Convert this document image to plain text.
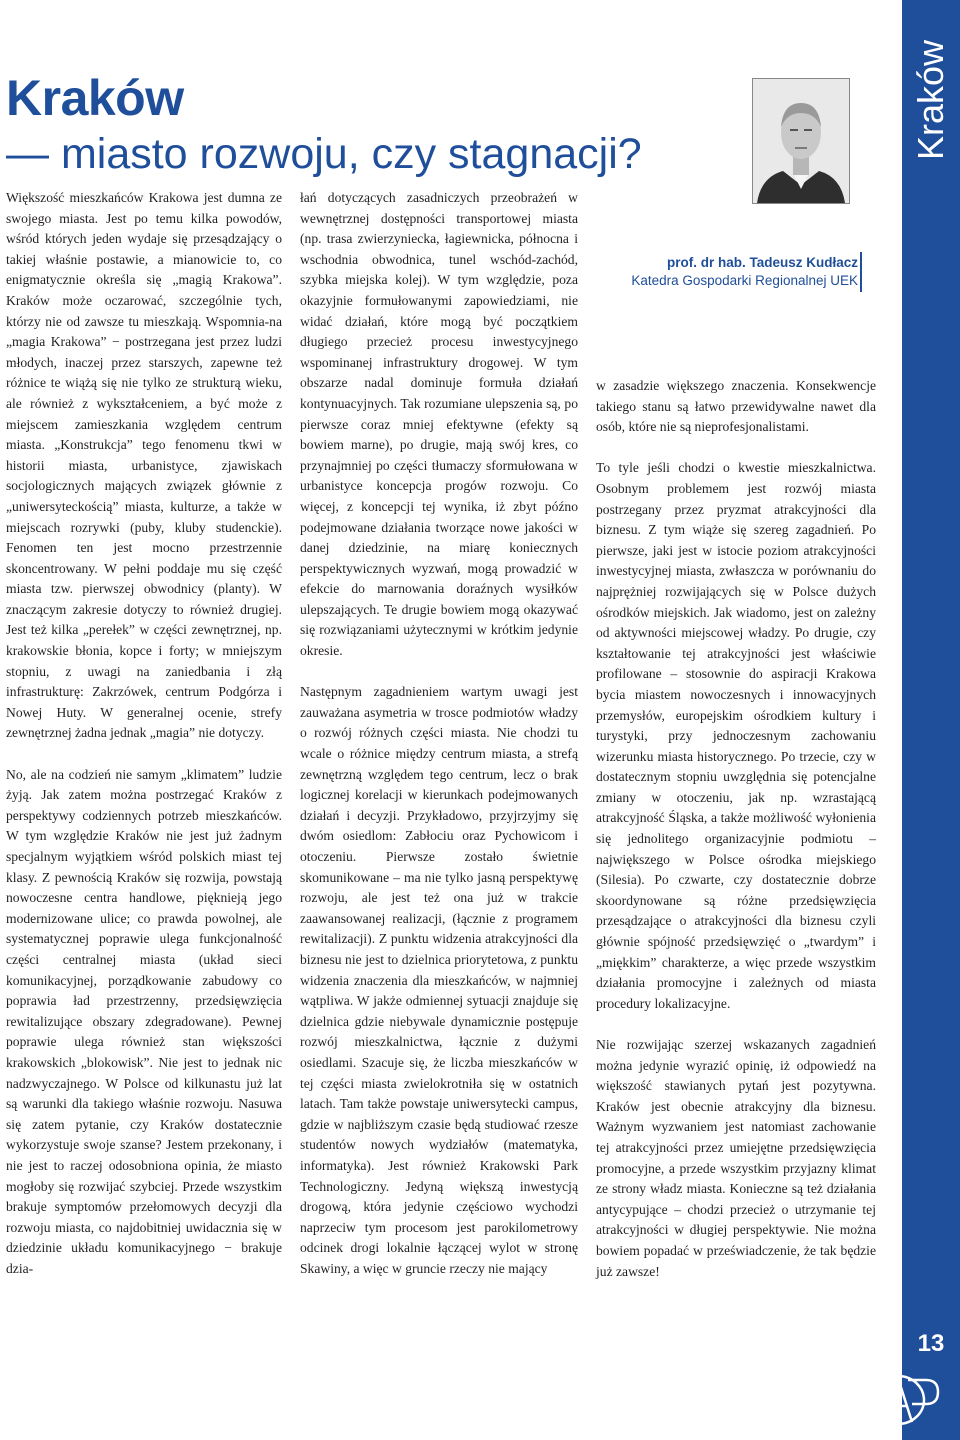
Kraków
13
Kraków
— miasto rozwoju, czy stagnacji?
prof. dr hab. Tadeusz Kudłacz
Katedra Gospodarki Regionalnej UEK

Większość mieszkańców Krakowa jest dumna ze swojego miasta. Jest po temu kilka powodów, wśród których jeden wydaje się przesądzający o takiej właśnie postawie, a mianowicie to, co enigmatycznie określa się „magią Krakowa”. Kraków może oczarować, szczególnie tych, którzy nie od zawsze tu mieszkają. Wspomnia-na „magia Krakowa” − postrzegana jest przez ludzi młodych, inaczej przez starszych, zapewne też różnice te wiążą się nie tylko ze strukturą wieku, ale również z wykształceniem, a być może z miejscem zamieszkania względem centrum miasta. „Konstrukcja” tego fenomenu tkwi w historii miasta, urbanistyce, zjawiskach socjologicznych mających związek głównie z „uniwersyteckością” miasta, kulturze, a także w miejscach rozrywki (puby, kluby studenckie). Fenomen ten jest mocno przestrzennie skoncentrowany. W pełni poddaje mu się część miasta tzw. pierwszej obwodnicy (planty). W znaczącym zakresie dotyczy to również drugiej. Jest też kilka „perełek” w części zewnętrznej, np. krakowskie błonia, kopce i forty; w mniejszym stopniu, z uwagi na zaniedbania i złą infrastrukturę: Zakrzówek, centrum Podgórza i Nowej Huty. W generalnej ocenie, strefy zewnętrznej żadna jednak „magia” nie dotyczy.

No, ale na codzień nie samym „klimatem” ludzie żyją. Jak zatem można postrzegać Kraków z perspektywy codziennych potrzeb mieszkańców. W tym względzie Kraków nie jest już żadnym specjalnym wyjątkiem wśród polskich miast tej klasy. Z pewnością Kraków się rozwija, powstają nowoczesne centra handlowe, pięknieją jego modernizowane ulice; co prawda powolnej, ale systematycznej poprawie ulega funkcjonalność części centralnej miasta (układ sieci komunikacyjnej, porządkowanie zabudowy co poprawia ład przestrzenny, przedsięwzięcia rewitalizujące obszary zdegradowane). Pewnej poprawie ulega również stan większości krakowskich „blokowisk”. Nie jest to jednak nic nadzwyczajnego. W Polsce od kilkunastu już lat są warunki dla takiego właśnie rozwoju. Nasuwa się zatem pytanie, czy Kraków dostatecznie wykorzystuje swoje szanse? Jestem przekonany, i nie jest to raczej odosobniona opinia, że miasto mogłoby się rozwijać szybciej. Przede wszystkim brakuje symptomów przełomowych decyzji dla rozwoju miasta, co najdobitniej uwidacznia się w dziedzinie układu komunikacyjnego − brakuje dzia-

łań dotyczących zasadniczych przeobrażeń w wewnętrznej dostępności transportowej miasta (np. trasa zwierzyniecka, łagiewnicka, północna i wschodnia obwodnica, tunel wschód-zachód, szybka miejska kolej). W tym względzie, poza okazyjnie formułowanymi zapowiedziami, nie widać działań, które mogą być początkiem długiego przecież procesu inwestycyjnego wspominanej infrastruktury drogowej. W tym obszarze nadal dominuje formuła działań kontynuacyjnych. Tak rozumiane ulepszenia są, po pierwsze coraz mniej efektywne (efekty są bowiem marne), po drugie, mają swój kres, co przynajmniej po części tłumaczy sformułowana w urbanistyce koncepcja progów rozwoju. Co więcej, z koncepcji tej wynika, iż zbyt późno podejmowane działania tworzące nowe jakości w danej dziedzinie, na miarę koniecznych perspektywicznych wyzwań, mogą prowadzić w efekcie do marnowania doraźnych wysiłków ulepszających. Te drugie bowiem mogą okazywać się rozwiązaniami użytecznymi w krótkim jedynie okresie.

Następnym zagadnieniem wartym uwagi jest zauważana asymetria w trosce podmiotów władzy o rozwój różnych części miasta. Nie chodzi tu wcale o różnice między centrum miasta, a strefą zewnętrzną względem tego centrum, lecz o brak logicznej korelacji w kierunkach podejmowanych działań i decyzji. Przykładowo, przyjrzyjmy się dwóm osiedlom: Zabłociu oraz Pychowicom i otoczeniu. Pierwsze zostało świetnie skomunikowane – ma nie tylko jasną perspektywę rozwoju, ale jest też ona już w trakcie zaawansowanej realizacji, (łącznie z programem rewitalizacji). Z punktu widzenia atrakcyjności dla biznesu nie jest to dzielnica priorytetowa, z punktu widzenia znaczenia dla mieszkańców, w najmniej wątpliwa. W jakże odmiennej sytuacji znajduje się dzielnica gdzie niebywale dynamicznie postępuje rozwój mieszkalnictwa, łącznie z dużymi osiedlami. Szacuje się, że liczba mieszkańców w tej części miasta zwielokrotniła się w ostatnich latach. Tam także powstaje uniwersytecki campus, gdzie w najbliższym czasie będą studiować rzesze studentów nowych wydziałów (matematyka, informatyka). Jest również Krakowski Park Technologiczny. Jedyną większą inwestycją drogową, która jedynie częściowo wychodzi naprzeciw tym procesom jest parokilometrowy odcinek drogi lokalnie łączącej wylot w stronę Skawiny, a więc w gruncie rzeczy nie mający

w zasadzie większego znaczenia. Konsekwencje takiego stanu są łatwo przewidywalne nawet dla osób, które nie są nieprofesjonalistami.

To tyle jeśli chodzi o kwestie mieszkalnictwa. Osobnym problemem jest rozwój miasta postrzegany przez pryzmat atrakcyjności dla biznesu. Z tym wiąże się szereg zagadnień. Po pierwsze, jaki jest w istocie poziom atrakcyjności inwestycyjnej miasta, zwłaszcza w porównaniu do najprężniej rozwijających się w Polsce dużych ośrodków miejskich. Jak wiadomo, jest on zależny od aktywności miejscowej władzy. Po drugie, czy kształtowanie tej atrakcyjności jest właściwie profilowane – stosownie do aspiracji Krakowa bycia miastem nowoczesnych i innowacyjnych przemysłów, europejskim ośrodkiem kultury i turystyki, przy jednoczesnym zachowaniu wizerunku miasta historycznego. Po trzecie, czy w dostatecznym stopniu uwzględnia się potencjalne zmiany w otoczeniu, jak np. wzrastającą atrakcyjność Śląska, a także możliwość wyłonienia się jednolitego organizacyjnie podmiotu – największego w Polsce ośrodka miejskiego (Silesia). Po czwarte, czy dostatecznie dobrze skoordynowane są różne przedsięwzięcia przesądzające o atrakcyjności dla biznesu czyli głównie spójność przedsięwzięć o „twardym” i „miękkim” charakterze, a więc przede wszystkim działania promocyjne i zależnych od miasta procedury lokalizacyjne.

Nie rozwijając szerzej wskazanych zagadnień można jedynie wyrazić opinię, iż odpowiedź na większość stawianych pytań jest pozytywna. Kraków jest obecnie atrakcyjny dla biznesu. Ważnym wyzwaniem jest natomiast zachowanie tej atrakcyjności przez umiejętne przedsięwzięcia promocyjne, a przede wszystkim przyjazny klimat ze strony władz miasta. Konieczne są też działania antycypujące – chodzi przecież o utrzymanie tej atrakcyjności w długiej perspektywie. Nie można bowiem popadać w przeświadczenie, że tak będzie już zawsze!
